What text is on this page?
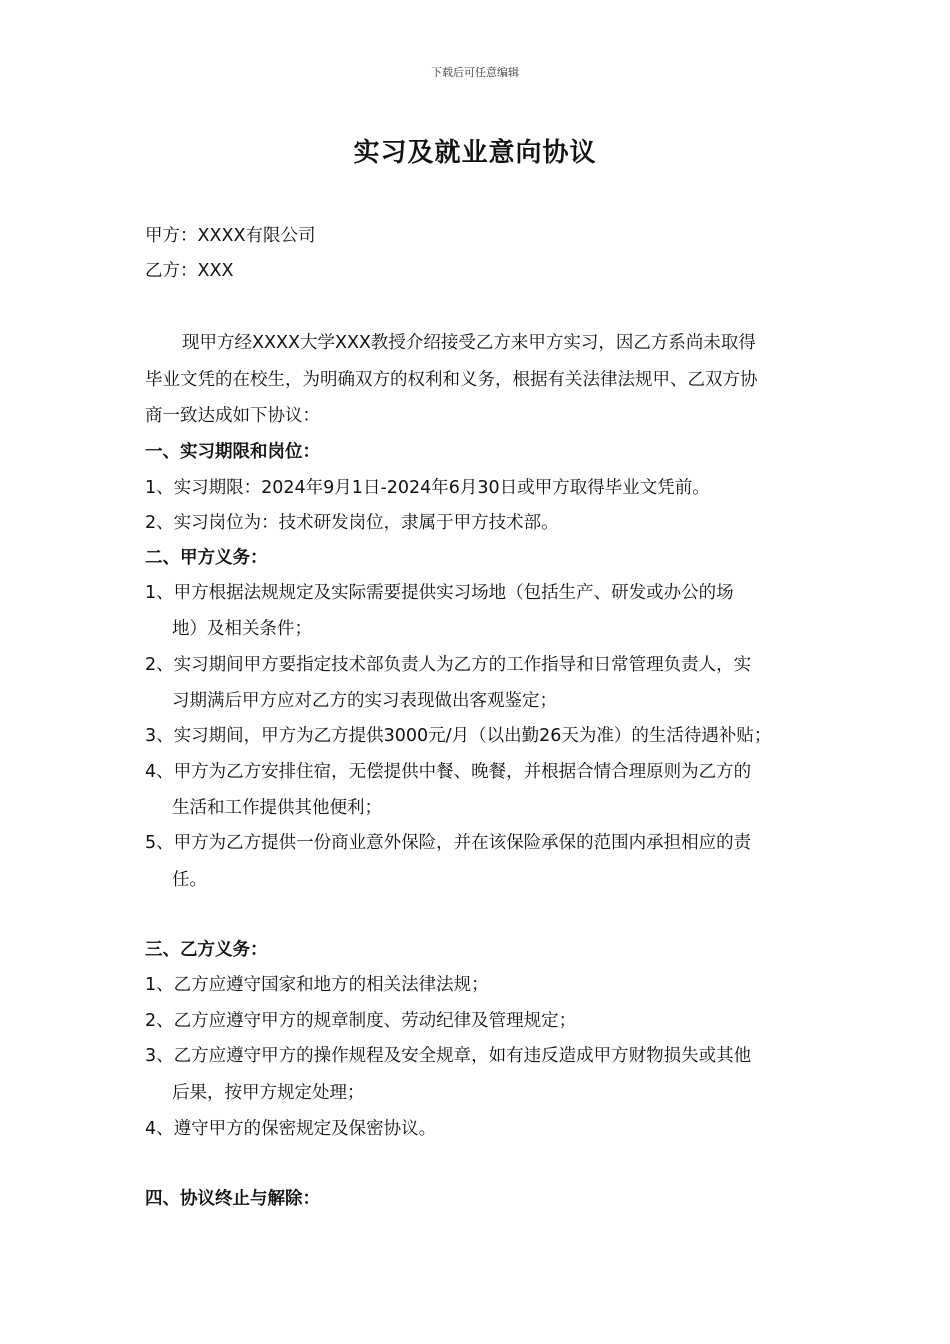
下载后可任意编辑
实习及就业意向协议
甲方：XXXX有限公司
乙方：XXX
现甲方经XXXX大学XXX教授介绍接受乙方来甲方实习，因乙方系尚未取得
毕业文凭的在校生，为明确双方的权利和义务，根据有关法律法规甲、乙双方协
商一致达成如下协议：
一、实习期限和岗位：
1、实习期限：2024年9月1日-2024年6月30日或甲方取得毕业文凭前。
2、实习岗位为：技术研发岗位，隶属于甲方技术部。
二、甲方义务：
1、甲方根据法规规定及实际需要提供实习场地（包括生产、研发或办公的场
地）及相关条件；
2、实习期间甲方要指定技术部负责人为乙方的工作指导和日常管理负责人，实
习期满后甲方应对乙方的实习表现做出客观鉴定；
3、实习期间，甲方为乙方提供3000元/月（以出勤26天为准）的生活待遇补贴；
4、甲方为乙方安排住宿，无偿提供中餐、晚餐，并根据合情合理原则为乙方的
生活和工作提供其他便利；
5、甲方为乙方提供一份商业意外保险，并在该保险承保的范围内承担相应的责
任。
三、乙方义务：
1、乙方应遵守国家和地方的相关法律法规；
2、乙方应遵守甲方的规章制度、劳动纪律及管理规定；
3、乙方应遵守甲方的操作规程及安全规章，如有违反造成甲方财物损失或其他
后果，按甲方规定处理；
4、遵守甲方的保密规定及保密协议。
四、协议终止与解除：
